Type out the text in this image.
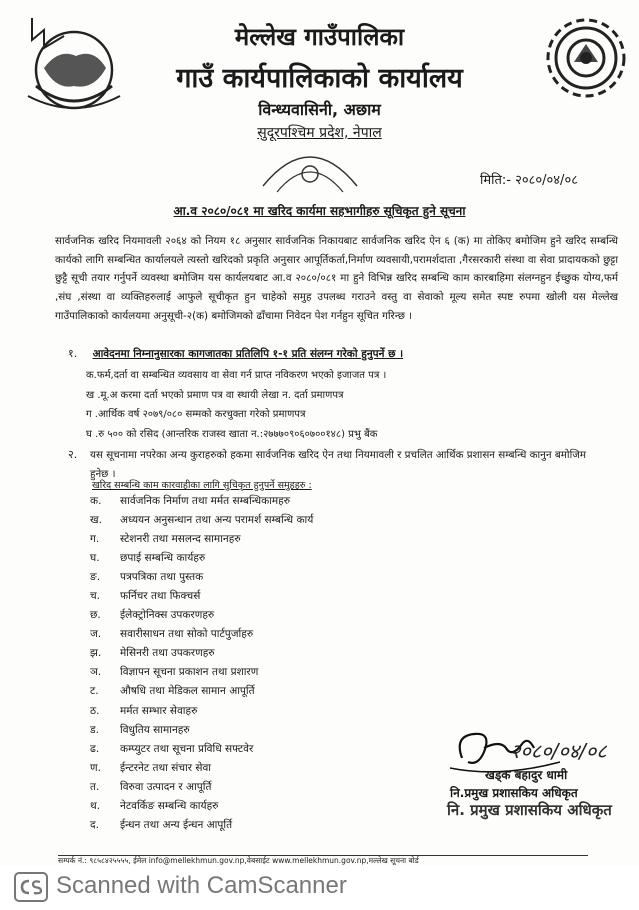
मेल्लेख गाउँपालिका
गाउँ कार्यपालिकाको कार्यालय
विन्ध्यवासिनी, अछाम
सुदूरपश्चिम प्रदेश, नेपाल
मिति:- २०८०/०४/०८
आ.व २०८०/०८१ मा खरिद कार्यमा सहभागीहरु सूचिकृत हुने सूचना

सार्वजनिक खरिद नियमावली २०६४ को नियम १८ अनुसार सार्वजनिक निकायबाट सार्वजनिक खरिद ऐन ६ (क) मा तोकिए बमोजिम हुने खरिद सम्बन्धि कार्यको लागि सम्बन्धित कार्यालयले त्यस्तो खरिदको प्रकृति अनुसार आपूर्तिकर्ता,निर्माण व्यवसायी,परामर्शदाता ,गैरसरकारी संस्था वा सेवा प्रादायकको छुट्टा छुट्टै सूची तयार गर्नुपर्ने व्यवस्था बमोजिम यस कार्यलयबाट आ.व २०८०/०८१ मा हुने विभिन्न खरिद सम्बन्धि काम कारबाहिमा संलग्नहुन ईच्छुक योग्य,फर्म ,संघ ,संस्था वा व्यक्तिहरुलाई आफुले सूचीकृत हुन चाहेको समुह उपलब्ध गराउने वस्तु वा सेवाको मूल्य समेत स्पष्ट रुपमा खोली यस मेल्लेख गाउँपालिकाको कार्यलयमा अनुसूची-२(क) बमोजिमको ढाँचामा निवेदन पेश गर्नहुन सूचित गरिन्छ ।

१. आवेदनमा निम्नानुसारका कागजातका प्रतिलिपि १-१ प्रति संलग्न गरेको हुनुपर्ने छ ।
क.फर्म,दर्ता वा सम्बन्धित व्यवसाय वा सेवा गर्न प्राप्त नविकरण भएको इजाजत पत्र ।
ख .मू.अ करमा दर्ता भएको प्रमाण पत्र वा स्थायी लेखा न. दर्ता प्रमाणपत्र
ग .आर्थिक वर्ष २०७९/०८० सम्मको करचुक्ता गरेको प्रमाणपत्र
घ .रु ५०० को रसिद (आन्तरिक राजस्व खाता न.:२७७७०९०६०७००१४८) प्रभु बैंक
२. यस सूचनामा नपरेका अन्य कुराहरुको हकमा सार्वजनिक खरिद ऐन तथा नियमावली र प्रचलित आर्थिक प्रशासन सम्बन्धि कानुन बमोजिम हुनेछ ।
खरिद सम्बन्धि काम कारवाहीका लागि सुचिकृत हुनुपर्ने समुहहरु :
क. सार्वजनिक निर्माण तथा मर्मत सम्बन्धिकामहरु
ख. अध्ययन अनुसन्धान तथा अन्य परामर्श सम्बन्धि कार्य
ग. स्टेशनरी तथा मसलन्द सामानहरु
घ. छपाई सम्बन्धि कार्यहरु
ङ. पत्रपत्रिका तथा पुस्तक
च. फर्निचर तथा फिक्चर्स
छ. ईलेक्ट्रोनिक्स उपकरणहरु
ज. सवारीसाधन तथा सोको पार्टपुर्जाहरु
झ. मेसिनरी तथा उपकरणहरु
ञ. विज्ञापन सूचना प्रकाशन तथा प्रशारण
ट. औषधि तथा मेडिकल सामान आपूर्ति
ठ. मर्मत सम्भार सेवाहरु
ड. विधुतिय सामानहरु
ढ. कम्प्युटर तथा सूचना प्रविधि सफ्टवेर
ण. ईन्टरनेट तथा संचार सेवा
त. विरुवा उत्पादन र आपूर्ति
थ. नेटवर्किङ सम्बन्धि कार्यहरु
द. ईन्धन तथा अन्य ईन्धन आपूर्ति
२०८०/०४/०८
खड्क बहादुर धामी
नि.प्रमुख प्रशासकिय अधिकृत
नि. प्रमुख प्रशासकिय अधिकृत
सम्पर्क नं.: ९८५८४२५५५५, ईमेल info@mellekhmun.gov.np,वेबसाईट www.mellekhmun.gov.np,मल्लेख सूचना बोर्ड
Scanned with CamScanner
